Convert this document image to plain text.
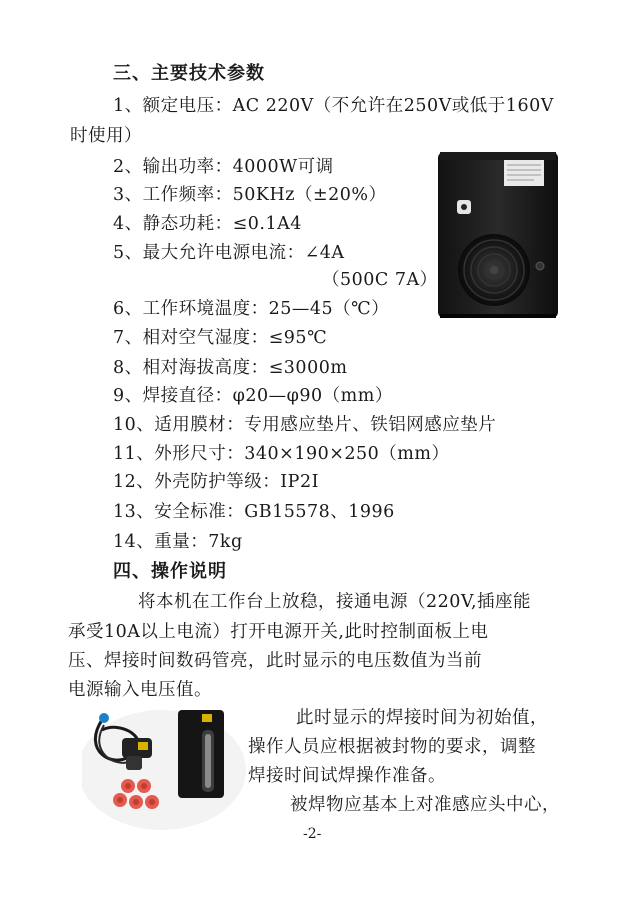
三、主要技术参数
1、额定电压：AC 220V（不允许在250V或低于160V
时使用）
2、输出功率：4000W可调
3、工作频率：50KHz（±20%）
4、静态功耗：≤0.1A4
5、最大允许电源电流：∠4A
（500C 7A）
6、工作环境温度：25—45（℃）
7、相对空气湿度：≤95℃
8、相对海拔高度：≤3000m
9、焊接直径：φ20—φ90（mm）
10、适用膜材：专用感应垫片、铁铝网感应垫片
11、外形尺寸：340×190×250（mm）
12、外壳防护等级：IP2I
13、安全标准：GB15578、1996
14、重量：7kg
四、操作说明
将本机在工作台上放稳，接通电源（220V,插座能
承受10A以上电流）打开电源开关,此时控制面板上电
压、焊接时间数码管亮，此时显示的电压数值为当前
电源输入电压值。
此时显示的焊接时间为初始值，
操作人员应根据被封物的要求，调整
焊接时间试焊操作准备。
被焊物应基本上对准感应头中心，
-2-
